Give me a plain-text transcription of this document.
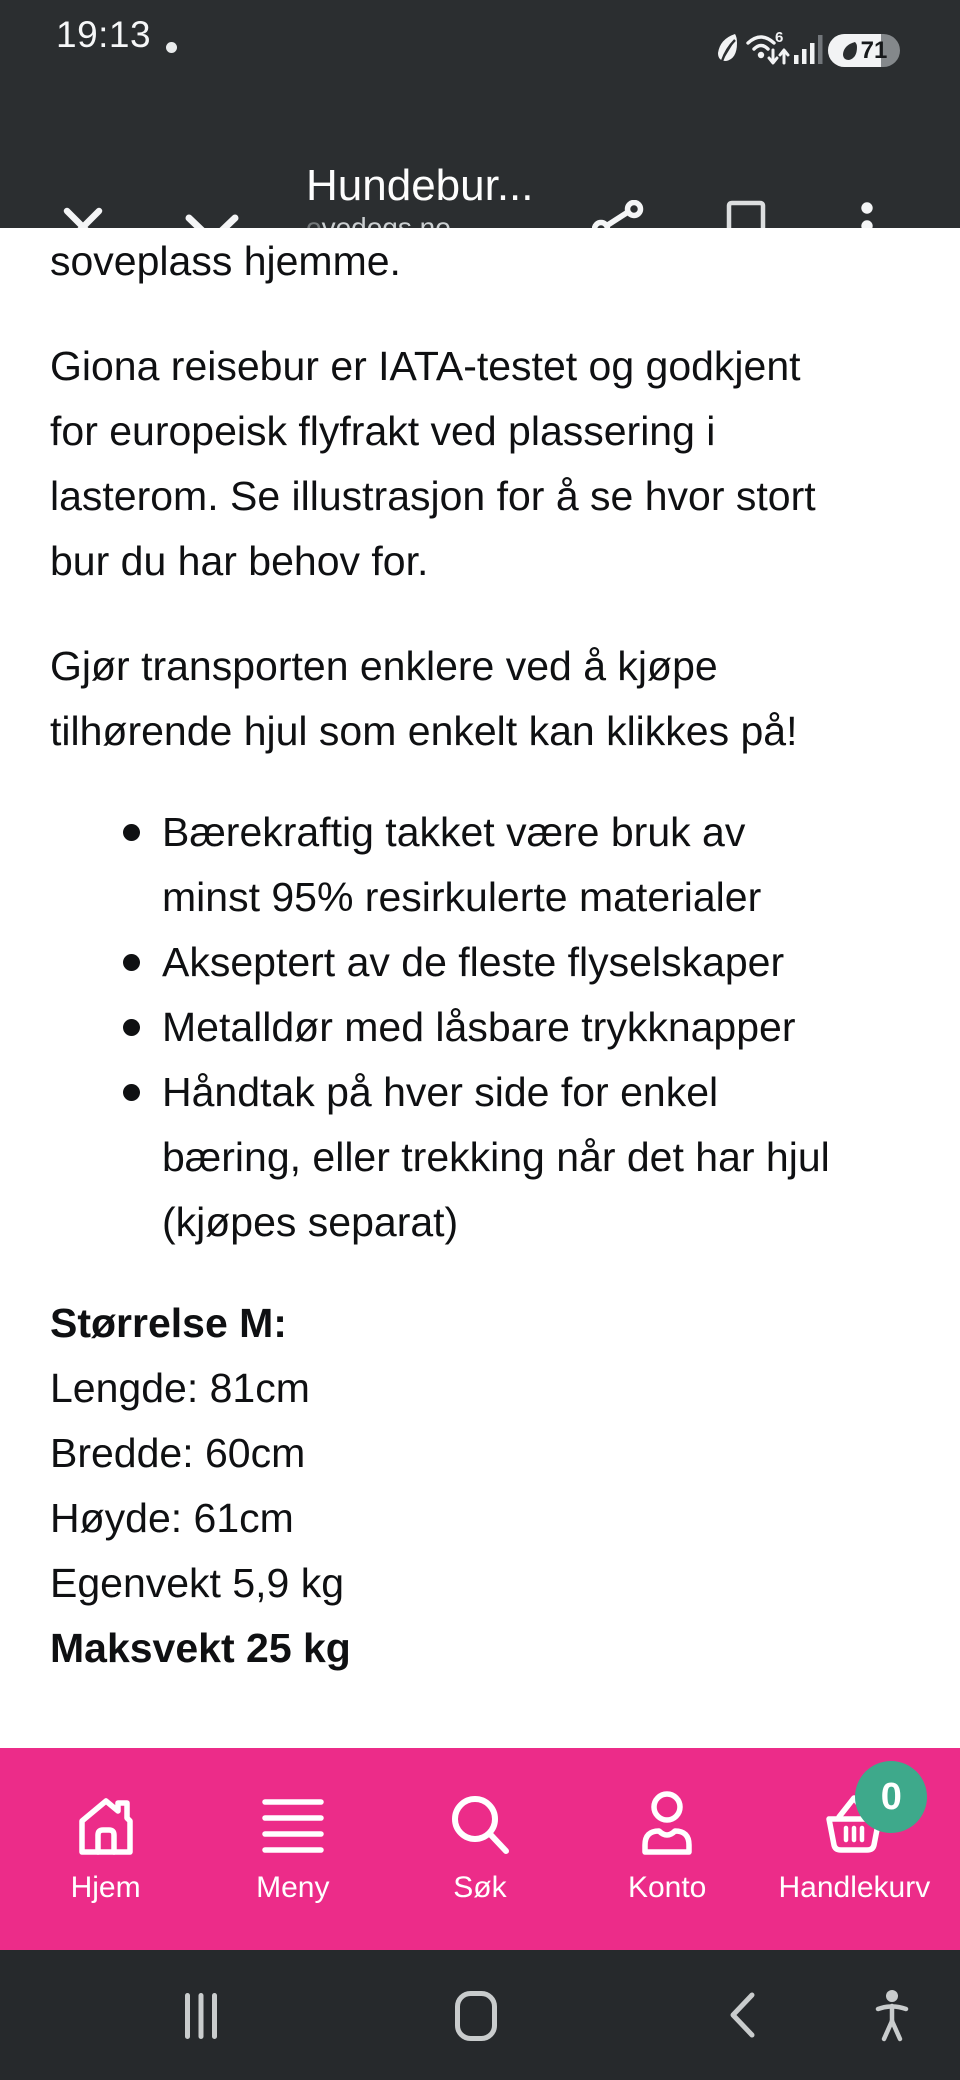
19:13	6	71
Hundebur...

soveplass hjemme.

Giona reisebur er IATA-testet og godkjent
for europeisk flyfrakt ved plassering i
lasterom. Se illustrasjon for å se hvor stort
bur du har behov for.

Gjør transporten enklere ved å kjøpe
tilhørende hjul som enkelt kan klikkes på!

Bærekraftig takket være bruk av
minst 95% resirkulerte materialer
Akseptert av de fleste flyselskaper
Metalldør med låsbare trykknapper
Håndtak på hver side for enkel
bæring, eller trekking når det har hjul
(kjøpes separat)

Størrelse M:

Lengde: 81cm
Bredde: 60cm
Høyde: 61cm

Egenvekt 5,9 kg

Maksvekt 25 kg

Hjem	Meny	Søk	Konto
0
Handlekurv
